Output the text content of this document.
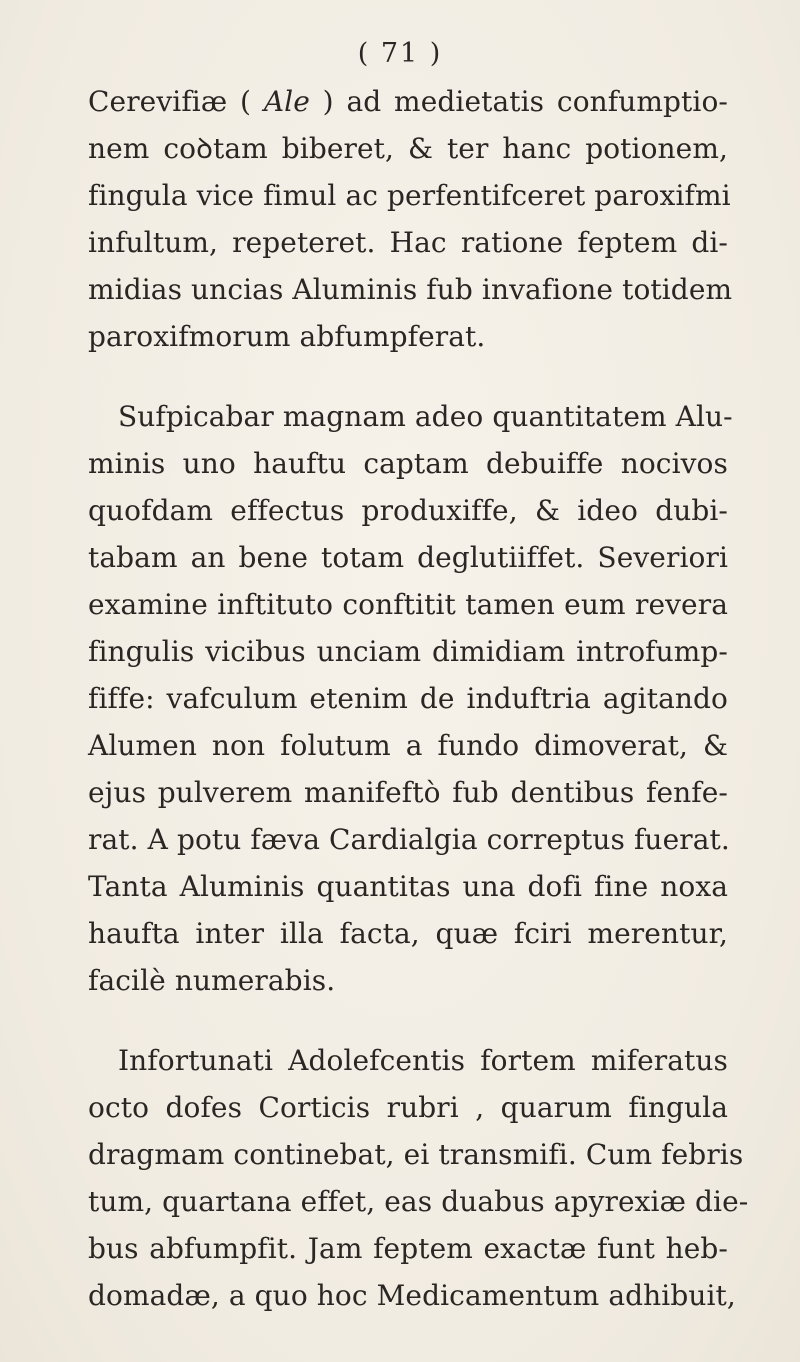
( 71 )
Cerevifiæ ( Ale ) ad medietatis confumptio-
nem coꝺtam biberet, & ter hanc potionem,
fingula vice fimul ac perfentifceret paroxifmi
infultum, repeteret. Hac ratione feptem di-
midias uncias Aluminis fub invafione totidem
paroxifmorum abfumpferat.
Sufpicabar magnam adeo quantitatem Alu-
minis uno hauftu captam debuiffe nocivos
quofdam effectus produxiffe, & ideo dubi-
tabam an bene totam deglutiiffet. Severiori
examine inftituto conftitit tamen eum revera
fingulis vicibus unciam dimidiam introfump-
fiffe: vafculum etenim de induftria agitando
Alumen non folutum a fundo dimoverat, &
ejus pulverem manifeftò fub dentibus fenfe-
rat. A potu fæva Cardialgia correptus fuerat.
Tanta Aluminis quantitas una dofi fine noxa
haufta inter illa facta, quæ fciri merentur,
facilè numerabis.
Infortunati Adolefcentis fortem miferatus
octo dofes Corticis rubri , quarum fingula
dragmam continebat, ei transmifi. Cum febris
tum, quartana effet, eas duabus apyrexiæ die-
bus abfumpfit. Jam feptem exactæ funt heb-
domadæ, a quo hoc Medicamentum adhibuit,
